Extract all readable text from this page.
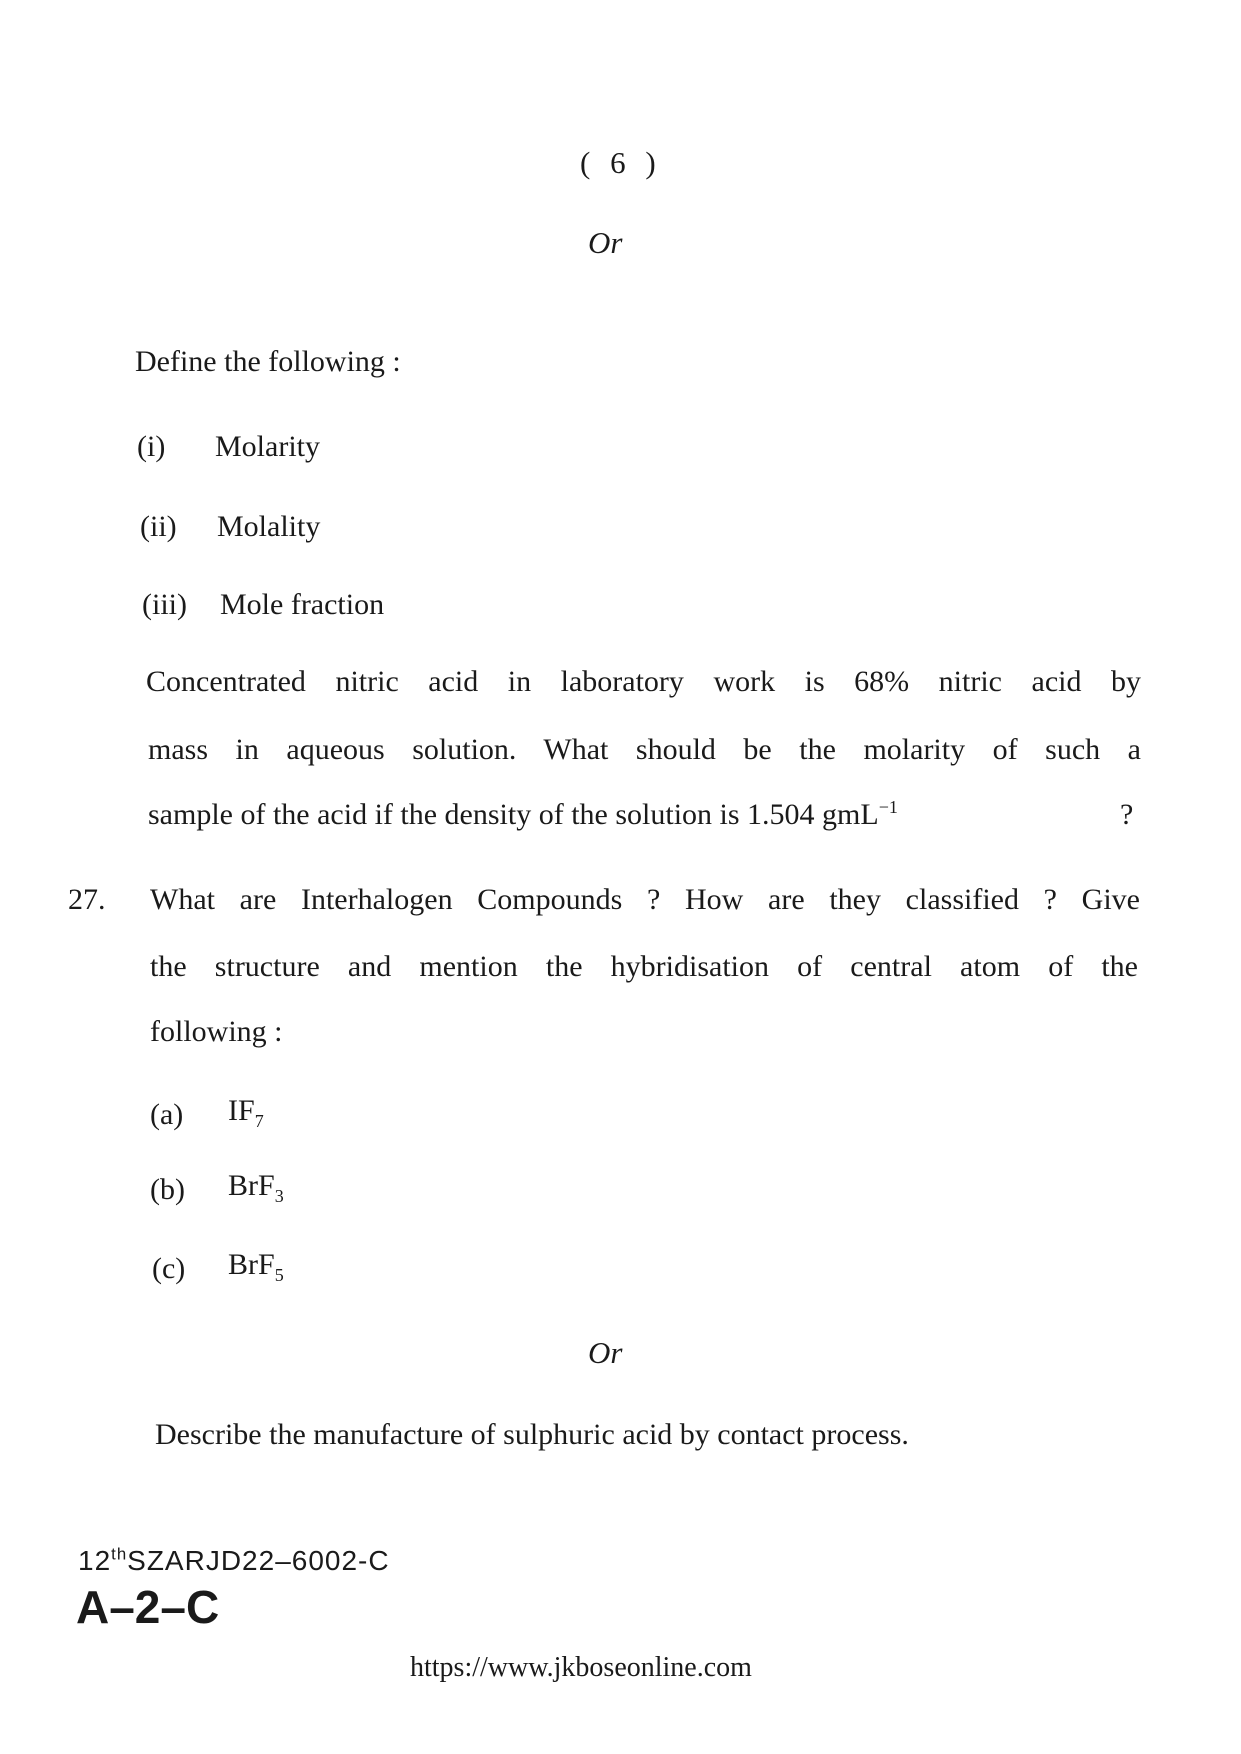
( 6 )
Or
Define the following :
(i) Molarity
(ii) Molality
(iii) Mole fraction
Concentrated nitric acid in laboratory work is 68% nitric acid by
mass in aqueous solution. What should be the molarity of such a
sample of the acid if the density of the solution is 1.504 gmL$^{-1}$	?
27. What are Interhalogen Compounds ? How are they classified ? Give
the structure and mention the hybridisation of central atom of the
following :
(a) $IF_7$
(b) BrF$_3$
(c) BrF$_5$
Or
Describe the manufacture of sulphuric acid by contact process.
12thSZARJD22–6002-C
A–2–C
https://www.jkboseonline.com
